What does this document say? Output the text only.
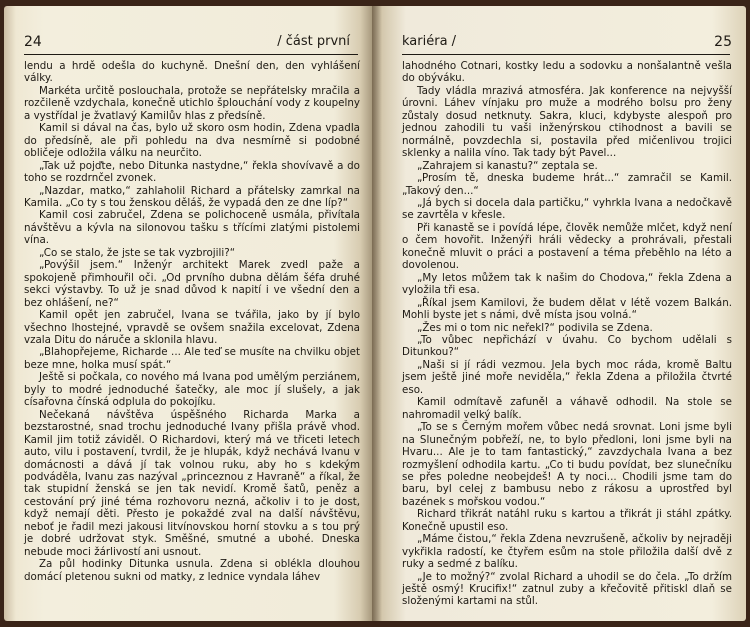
24	/ část první

lendu a hrdě odešla do kuchyně. Dnešní den, den vyhlášení války.

Markéta určitě poslouchala, protože se nepřátelsky mračila a rozčileně vzdychala, konečně utichlo šplouchání vody z koupelny a vystřídal je žvatlavý Kamilův hlas z předsíně.

Kamil si dával na čas, bylo už skoro osm hodin, Zdena vpadla do předsíně, ale při pohledu na dva nesmírně si podobné obličeje odložila válku na neurčito.

„Tak už pojďte, nebo Ditunka nastydne,“ řekla shovívavě a do toho se rozdrnčel zvonek.

„Nazdar, matko,“ zahlaholil Richard a přátelsky zamrkal na Kamila. „Co ty s tou ženskou děláš, že vypadá den ze dne líp?“

Kamil cosi zabručel, Zdena se polichoceně usmála, přivítala návštěvu a kývla na silonovou tašku s třícími zlatými pistolemi vína.

„Co se stalo, že jste se tak vyzbrojili?“

„Povýšil jsem.“ Inženýr architekt Marek zvedl paže a spokojeně přimhouřil oči. „Od prvního dubna dělám šéfa druhé sekci výstavby. To už je snad důvod k napití i ve všední den a bez ohlášení, ne?“

Kamil opět jen zabručel, Ivana se tvářila, jako by jí bylo všechno lhostejné, vpravdě se ovšem snažila excelovat, Zdena vzala Ditu do náruče a sklonila hlavu.

„Blahopřejeme, Richarde ... Ale teď se musíte na chvilku objet beze mne, holka musí spát.“

Ještě si počkala, co nového má Ivana pod umělým perziánem, byly to modré jednoduché šatečky, ale moc jí slušely, a jak císařovna čínská odplula do pokojíku.

Nečekaná návštěva úspěšného Richarda Marka a bezstarostné, snad trochu jednoduché Ivany přišla právě vhod. Kamil jim totiž záviděl. O Richardovi, který má ve třiceti letech auto, vilu i postavení, tvrdil, že je hlupák, když nechává Ivanu v domácnosti a dává jí tak volnou ruku, aby ho s kdekým podváděla, Ivanu zas nazýval „princeznou z Havraně“ a říkal, že tak stupidní ženská se jen tak nevidí. Kromě šatů, peněz a cestování prý jiné téma rozhovoru nezná, ačkoliv i to je dost, když nemají děti. Přesto je pokaždé zval na další návštěvu, neboť je řadil mezi jakousi litvínovskou horní stovku a s tou prý je dobré udržovat styk. Směšné, smutné a ubohé. Dneska nebude moci žárlivostí ani usnout.

Za půl hodinky Ditunka usnula. Zdena si oblékla dlouhou domácí pletenou sukni od matky, z lednice vyndala láhev

kariéra /	25

lahodného Cotnari, kostky ledu a sodovku a nonšalantně vešla do obýváku.

Tady vládla mrazivá atmosféra. Jak konference na nejvyšší úrovni. Láhev vínjaku pro muže a modrého bolsu pro ženy zůstaly dosud netknuty. Sakra, kluci, kdybyste alespoň pro jednou zahodili tu vaši inženýrskou ctihodnost a bavili se normálně, povzdechla si, postavila před mičenlivou trojici sklenky a nalila víno. Tak tady být Pavel...

„Zahrajem si kanastu?“ zeptala se.

„Prosím tě, dneska budeme hrát...“ zamračil se Kamil. „Takový den...“

„Já bych si docela dala partičku,“ vyhrkla Ivana a nedočkavě se zavrtěla v křesle.

Při kanastě se i povídá lépe, člověk nemůže mlčet, když není o čem hovořit. Inženýři hráli vědecky a prohrávali, přestali konečně mluvit o práci a postavení a téma přeběhlo na léto a dovolenou.

„My letos můžem tak k našim do Chodova,“ řekla Zdena a vyložila tři esa.

„Říkal jsem Kamilovi, že budem dělat v létě vozem Balkán. Mohli byste jet s námi, dvě místa jsou volná.“

„Žes mi o tom nic neřekl?“ podivila se Zdena.

„To vůbec nepřichází v úvahu. Co bychom udělali s Ditunkou?“

„Naši si jí rádi vezmou. Jela bych moc ráda, kromě Baltu jsem ještě jiné moře neviděla,“ řekla Zdena a přiložila čtvrté eso.

Kamil odmítavě zafuněl a váhavě odhodil. Na stole se nahromadil velký balík.

„To se s Černým mořem vůbec nedá srovnat. Loni jsme byli na Slunečným pobřeží, ne, to bylo předloni, loni jsme byli na Hvaru... Ale je to tam fantastický,“ zavzdychala Ivana a bez rozmyšlení odhodila kartu. „Co ti budu povídat, bez slunečníku se přes poledne neobejdeš! A ty noci... Chodili jsme tam do baru, byl celej z bambusu nebo z rákosu a uprostřed byl bazének s mořskou vodou.“

Richard třikrát natáhl ruku s kartou a třikrát ji stáhl zpátky. Konečně upustil eso.

„Máme čistou,“ řekla Zdena nevzrušeně, ačkoliv by nejraději vykřikla radostí, ke čtyřem esům na stole přiložila další dvě z ruky a sedmé z balíku.

„Je to možný?“ zvolal Richard a uhodil se do čela. „To držím ještě osmý! Krucifix!“ zatnul zuby a křečovitě přitiskl dlaň se složenými kartami na stůl.
